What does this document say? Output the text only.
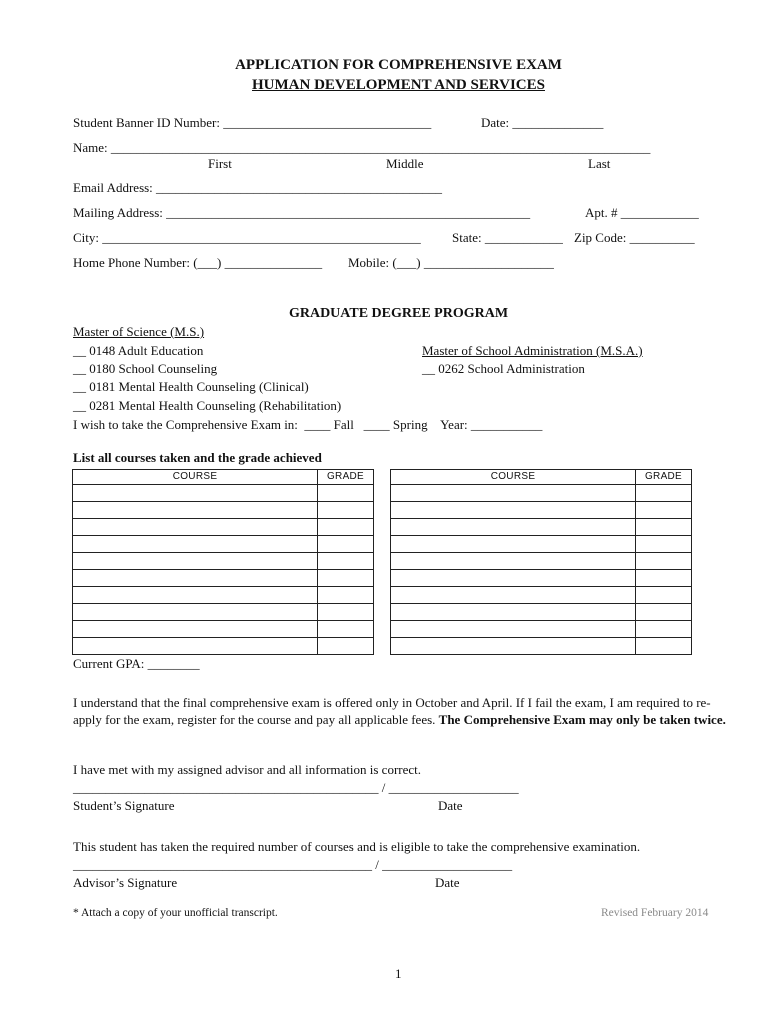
APPLICATION FOR COMPREHENSIVE EXAM
HUMAN DEVELOPMENT AND SERVICES
Student Banner ID Number: ________________________________	Date: ______________
Name: ___________________________________________________________________________________
First	Middle	Last
Email Address: ____________________________________________
Mailing Address: ________________________________________________________	Apt. # ____________
City: _________________________________________________ State: ____________ Zip Code: __________
Home Phone Number: (___) _______________ Mobile: (___) ____________________
GRADUATE DEGREE PROGRAM
Master of Science (M.S.)
__ 0148 Adult Education
__ 0180 School Counseling
__ 0181 Mental Health Counseling (Clinical)
__ 0281 Mental Health Counseling (Rehabilitation)
Master of School Administration (M.S.A.)
__ 0262 School Administration
I wish to take the Comprehensive Exam in:  ____ Fall   ____ Spring    Year: ___________
List all courses taken and the grade achieved
COURSE	GRADE

		COURSE	GRADE

Current GPA: ________
I understand that the final comprehensive exam is offered only in October and April. If I fail the exam, I am required to re-apply for the exam, register for the course and pay all applicable fees. The Comprehensive Exam may only be taken twice.
I have met with my assigned advisor and all information is correct.
_______________________________________________ / ____________________
Student’s Signature	Date
This student has taken the required number of courses and is eligible to take the comprehensive examination.
______________________________________________ / ____________________
Advisor’s Signature	Date
* Attach a copy of your unofficial transcript.	Revised February 2014
1
